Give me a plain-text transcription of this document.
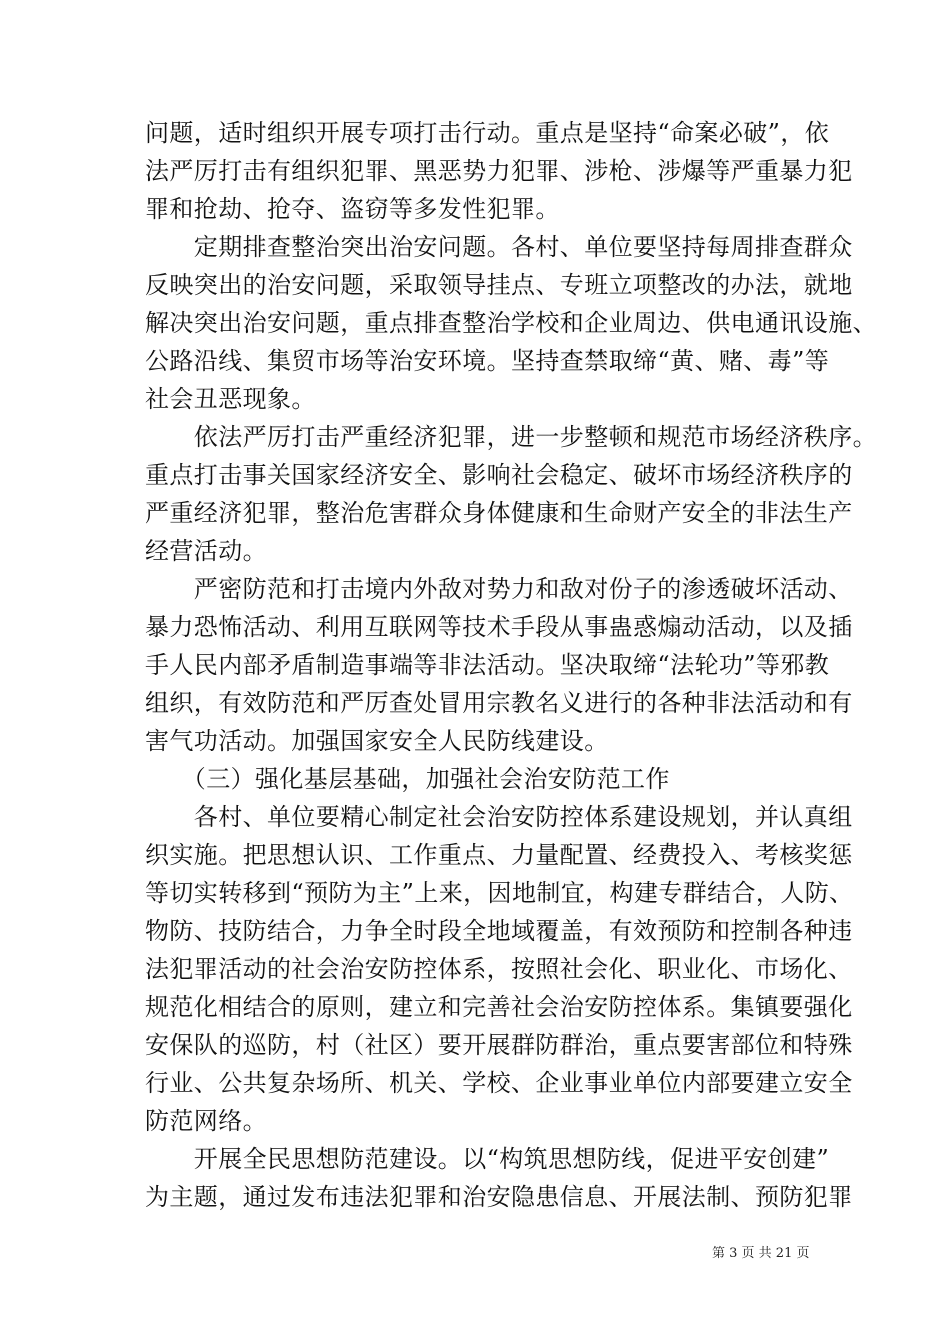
问题，适时组织开展专项打击行动。重点是坚持“命案必破”，依
法严厉打击有组织犯罪、黑恶势力犯罪、涉枪、涉爆等严重暴力犯
罪和抢劫、抢夺、盗窃等多发性犯罪。
　　定期排查整治突出治安问题。各村、单位要坚持每周排查群众
反映突出的治安问题，采取领导挂点、专班立项整改的办法，就地
解决突出治安问题，重点排查整治学校和企业周边、供电通讯设施、
公路沿线、集贸市场等治安环境。坚持查禁取缔“黄、赌、毒”等
社会丑恶现象。
　　依法严厉打击严重经济犯罪，进一步整顿和规范市场经济秩序。
重点打击事关国家经济安全、影响社会稳定、破坏市场经济秩序的
严重经济犯罪，整治危害群众身体健康和生命财产安全的非法生产
经营活动。
　　严密防范和打击境内外敌对势力和敌对份子的渗透破坏活动、
暴力恐怖活动、利用互联网等技术手段从事蛊惑煽动活动，以及插
手人民内部矛盾制造事端等非法活动。坚决取缔“法轮功”等邪教
组织，有效防范和严厉查处冒用宗教名义进行的各种非法活动和有
害气功活动。加强国家安全人民防线建设。
　　（三）强化基层基础，加强社会治安防范工作
　　各村、单位要精心制定社会治安防控体系建设规划，并认真组
织实施。把思想认识、工作重点、力量配置、经费投入、考核奖惩
等切实转移到“预防为主”上来，因地制宜，构建专群结合，人防、
物防、技防结合，力争全时段全地域覆盖，有效预防和控制各种违
法犯罪活动的社会治安防控体系，按照社会化、职业化、市场化、
规范化相结合的原则，建立和完善社会治安防控体系。集镇要强化
安保队的巡防，村（社区）要开展群防群治，重点要害部位和特殊
行业、公共复杂场所、机关、学校、企业事业单位内部要建立安全
防范网络。
　　开展全民思想防范建设。以“构筑思想防线，促进平安创建”
为主题，通过发布违法犯罪和治安隐患信息、开展法制、预防犯罪
第 3 页 共 21 页
